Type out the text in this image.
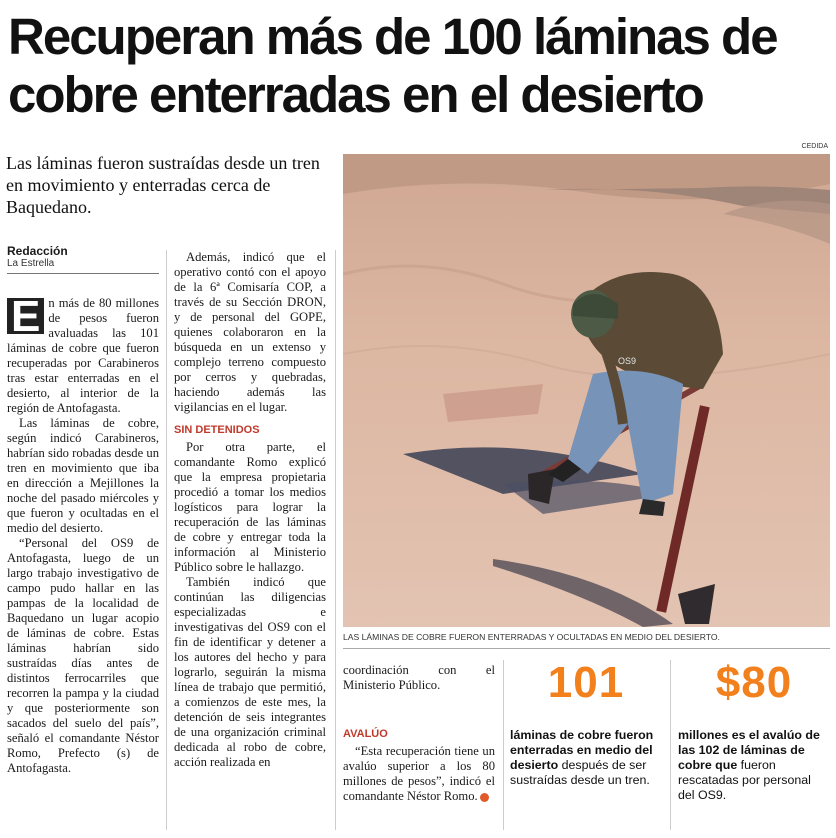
Recuperan más de 100 láminas de cobre enterradas en el desierto

Las láminas fueron sustraídas desde un tren en movimiento y enterradas cerca de Baquedano.

Redacción
La Estrella

E n más de 80 millones de pesos fueron avaluadas las 101 láminas de cobre que fueron recuperadas por Carabineros tras estar enterradas en el desierto, al interior de la región de Antofagasta.

Las láminas de cobre, según indicó Carabineros, habrían sido robadas desde un tren en movimiento que iba en dirección a Mejillones la noche del pasado miércoles y que fueron y ocultadas en el medio del desierto.

“Personal del OS9 de Antofagasta, luego de un largo trabajo investigativo de campo pudo hallar en las pampas de la localidad de Baquedano un lugar acopio de láminas de cobre. Estas láminas habrían sido sustraídas días antes de distintos ferrocarriles que recorren la pampa y la ciudad y que posteriormente son sacados del suelo del país”, señaló el comandante Néstor Romo, Prefecto (s) de Antofagasta.

Además, indicó que el operativo contó con el apoyo de la 6ª Comisaría COP, a través de su Sección DRON, y de personal del GOPE, quienes colaboraron en la búsqueda en un extenso y complejo terreno compuesto por cerros y quebradas, haciendo además las vigilancias en el lugar.

SIN DETENIDOS

Por otra parte, el comandante Romo explicó que la empresa propietaria procedió a tomar los medios logísticos para lograr la recuperación de las láminas de cobre y entregar toda la información al Ministerio Público sobre le hallazgo.

También indicó que continúan las diligencias especializadas e investigativas del OS9 con el fin de identificar y detener a los autores del hecho y para lograrlo, seguirán la misma línea de trabajo que permitió, a comienzos de este mes, la detención de seis integrantes de una organización criminal dedicada al robo de cobre, acción realizada en

CEDIDA
OS9
LAS LÁMINAS DE COBRE FUERON ENTERRADAS Y OCULTADAS EN MEDIO DEL DESIERTO.

coordinación con el Ministerio Público.

AVALÚO

“Esta recuperación tiene un avalúo superior a los 80 millones de pesos”, indicó el comandante Néstor Romo. ●

101
láminas de cobre fueron enterradas en medio del desierto después de ser sustraídas desde un tren.
$80
millones es el avalúo de las 102 de láminas de cobre que fueron rescatadas por personal del OS9.
